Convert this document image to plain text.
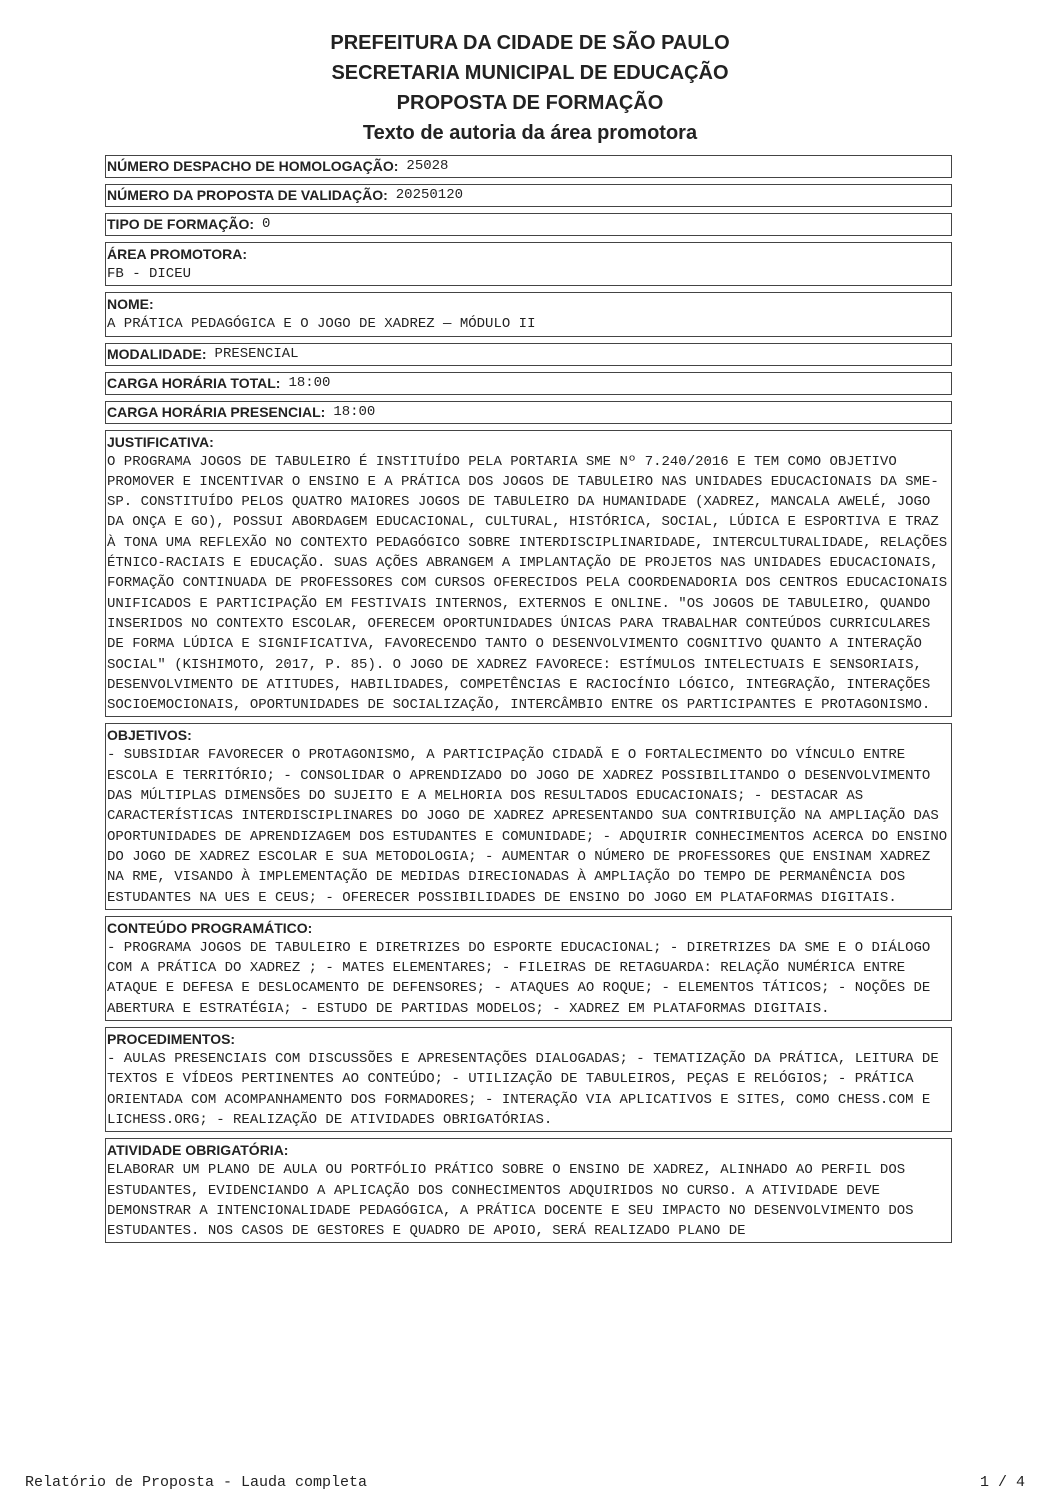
PREFEITURA DA CIDADE DE SÃO PAULO
SECRETARIA MUNICIPAL DE EDUCAÇÃO
PROPOSTA DE FORMAÇÃO
Texto de autoria da área promotora
NÚMERO DESPACHO DE HOMOLOGAÇÃO: 25028
NÚMERO DA PROPOSTA DE VALIDAÇÃO: 20250120
TIPO DE FORMAÇÃO: 0
ÁREA PROMOTORA:
FB - DICEU
NOME:
A PRÁTICA PEDAGÓGICA E O JOGO DE XADREZ — MÓDULO II
MODALIDADE: PRESENCIAL
CARGA HORÁRIA TOTAL: 18:00
CARGA HORÁRIA PRESENCIAL: 18:00
JUSTIFICATIVA:
O PROGRAMA JOGOS DE TABULEIRO É INSTITUÍDO PELA PORTARIA SME Nº 7.240/2016 E TEM COMO OBJETIVO PROMOVER E INCENTIVAR O ENSINO E A PRÁTICA DOS JOGOS DE TABULEIRO NAS UNIDADES EDUCACIONAIS DA SME-SP. CONSTITUÍDO PELOS QUATRO MAIORES JOGOS DE TABULEIRO DA HUMANIDADE (XADREZ, MANCALA AWELÉ, JOGO DA ONÇA E GO), POSSUI ABORDAGEM EDUCACIONAL, CULTURAL, HISTÓRICA, SOCIAL, LÚDICA E ESPORTIVA E TRAZ À TONA UMA REFLEXÃO NO CONTEXTO PEDAGÓGICO SOBRE INTERDISCIPLINARIDADE, INTERCULTURALIDADE, RELAÇÕES ÉTNICO-RACIAIS E EDUCAÇÃO. SUAS AÇÕES ABRANGEM A IMPLANTAÇÃO DE PROJETOS NAS UNIDADES EDUCACIONAIS, FORMAÇÃO CONTINUADA DE PROFESSORES COM CURSOS OFERECIDOS PELA COORDENADORIA DOS CENTROS EDUCACIONAIS UNIFICADOS E PARTICIPAÇÃO EM FESTIVAIS INTERNOS, EXTERNOS E ONLINE. "OS JOGOS DE TABULEIRO, QUANDO INSERIDOS NO CONTEXTO ESCOLAR, OFERECEM OPORTUNIDADES ÚNICAS PARA TRABALHAR CONTEÚDOS CURRICULARES DE FORMA LÚDICA E SIGNIFICATIVA, FAVORECENDO TANTO O DESENVOLVIMENTO COGNITIVO QUANTO A INTERAÇÃO SOCIAL" (KISHIMOTO, 2017, P. 85). O JOGO DE XADREZ FAVORECE: ESTÍMULOS INTELECTUAIS E SENSORIAIS, DESENVOLVIMENTO DE ATITUDES, HABILIDADES, COMPETÊNCIAS E RACIOCÍNIO LÓGICO, INTEGRAÇÃO, INTERAÇÕES SOCIOEMOCIONAIS, OPORTUNIDADES DE SOCIALIZAÇÃO, INTERCÂMBIO ENTRE OS PARTICIPANTES E PROTAGONISMO.
OBJETIVOS:
- SUBSIDIAR FAVORECER O PROTAGONISMO, A PARTICIPAÇÃO CIDADÃ E O FORTALECIMENTO DO VÍNCULO ENTRE ESCOLA E TERRITÓRIO; - CONSOLIDAR O APRENDIZADO DO JOGO DE XADREZ POSSIBILITANDO O DESENVOLVIMENTO DAS MÚLTIPLAS DIMENSÕES DO SUJEITO E A MELHORIA DOS RESULTADOS EDUCACIONAIS; - DESTACAR AS CARACTERÍSTICAS INTERDISCIPLINARES DO JOGO DE XADREZ APRESENTANDO SUA CONTRIBUIÇÃO NA AMPLIAÇÃO DAS OPORTUNIDADES DE APRENDIZAGEM DOS ESTUDANTES E COMUNIDADE; - ADQUIRIR CONHECIMENTOS ACERCA DO ENSINO DO JOGO DE XADREZ ESCOLAR E SUA METODOLOGIA; - AUMENTAR O NÚMERO DE PROFESSORES QUE ENSINAM XADREZ NA RME, VISANDO À IMPLEMENTAÇÃO DE MEDIDAS DIRECIONADAS À AMPLIAÇÃO DO TEMPO DE PERMANÊNCIA DOS ESTUDANTES NA UES E CEUS; - OFERECER POSSIBILIDADES DE ENSINO DO JOGO EM PLATAFORMAS DIGITAIS.
CONTEÚDO PROGRAMÁTICO:
- PROGRAMA JOGOS DE TABULEIRO E DIRETRIZES DO ESPORTE EDUCACIONAL; - DIRETRIZES DA SME E O DIÁLOGO COM A PRÁTICA DO XADREZ ; - MATES ELEMENTARES; - FILEIRAS DE RETAGUARDA: RELAÇÃO NUMÉRICA ENTRE ATAQUE E DEFESA E DESLOCAMENTO DE DEFENSORES; - ATAQUES AO ROQUE; - ELEMENTOS TÁTICOS; - NOÇÕES DE ABERTURA E ESTRATÉGIA; - ESTUDO DE PARTIDAS MODELOS; - XADREZ EM PLATAFORMAS DIGITAIS.
PROCEDIMENTOS:
- AULAS PRESENCIAIS COM DISCUSSÕES E APRESENTAÇÕES DIALOGADAS; - TEMATIZAÇÃO DA PRÁTICA, LEITURA DE TEXTOS E VÍDEOS PERTINENTES AO CONTEÚDO; - UTILIZAÇÃO DE TABULEIROS, PEÇAS E RELÓGIOS; - PRÁTICA ORIENTADA COM ACOMPANHAMENTO DOS FORMADORES; - INTERAÇÃO VIA APLICATIVOS E SITES, COMO CHESS.COM E LICHESS.ORG; - REALIZAÇÃO DE ATIVIDADES OBRIGATÓRIAS.
ATIVIDADE OBRIGATÓRIA:
ELABORAR UM PLANO DE AULA OU PORTFÓLIO PRÁTICO SOBRE O ENSINO DE XADREZ, ALINHADO AO PERFIL DOS ESTUDANTES, EVIDENCIANDO A APLICAÇÃO DOS CONHECIMENTOS ADQUIRIDOS NO CURSO. A ATIVIDADE DEVE DEMONSTRAR A INTENCIONALIDADE PEDAGÓGICA, A PRÁTICA DOCENTE E SEU IMPACTO NO DESENVOLVIMENTO DOS ESTUDANTES. NOS CASOS DE GESTORES E QUADRO DE APOIO, SERÁ REALIZADO PLANO DE
Relatório de Proposta - Lauda completa	1 / 4
